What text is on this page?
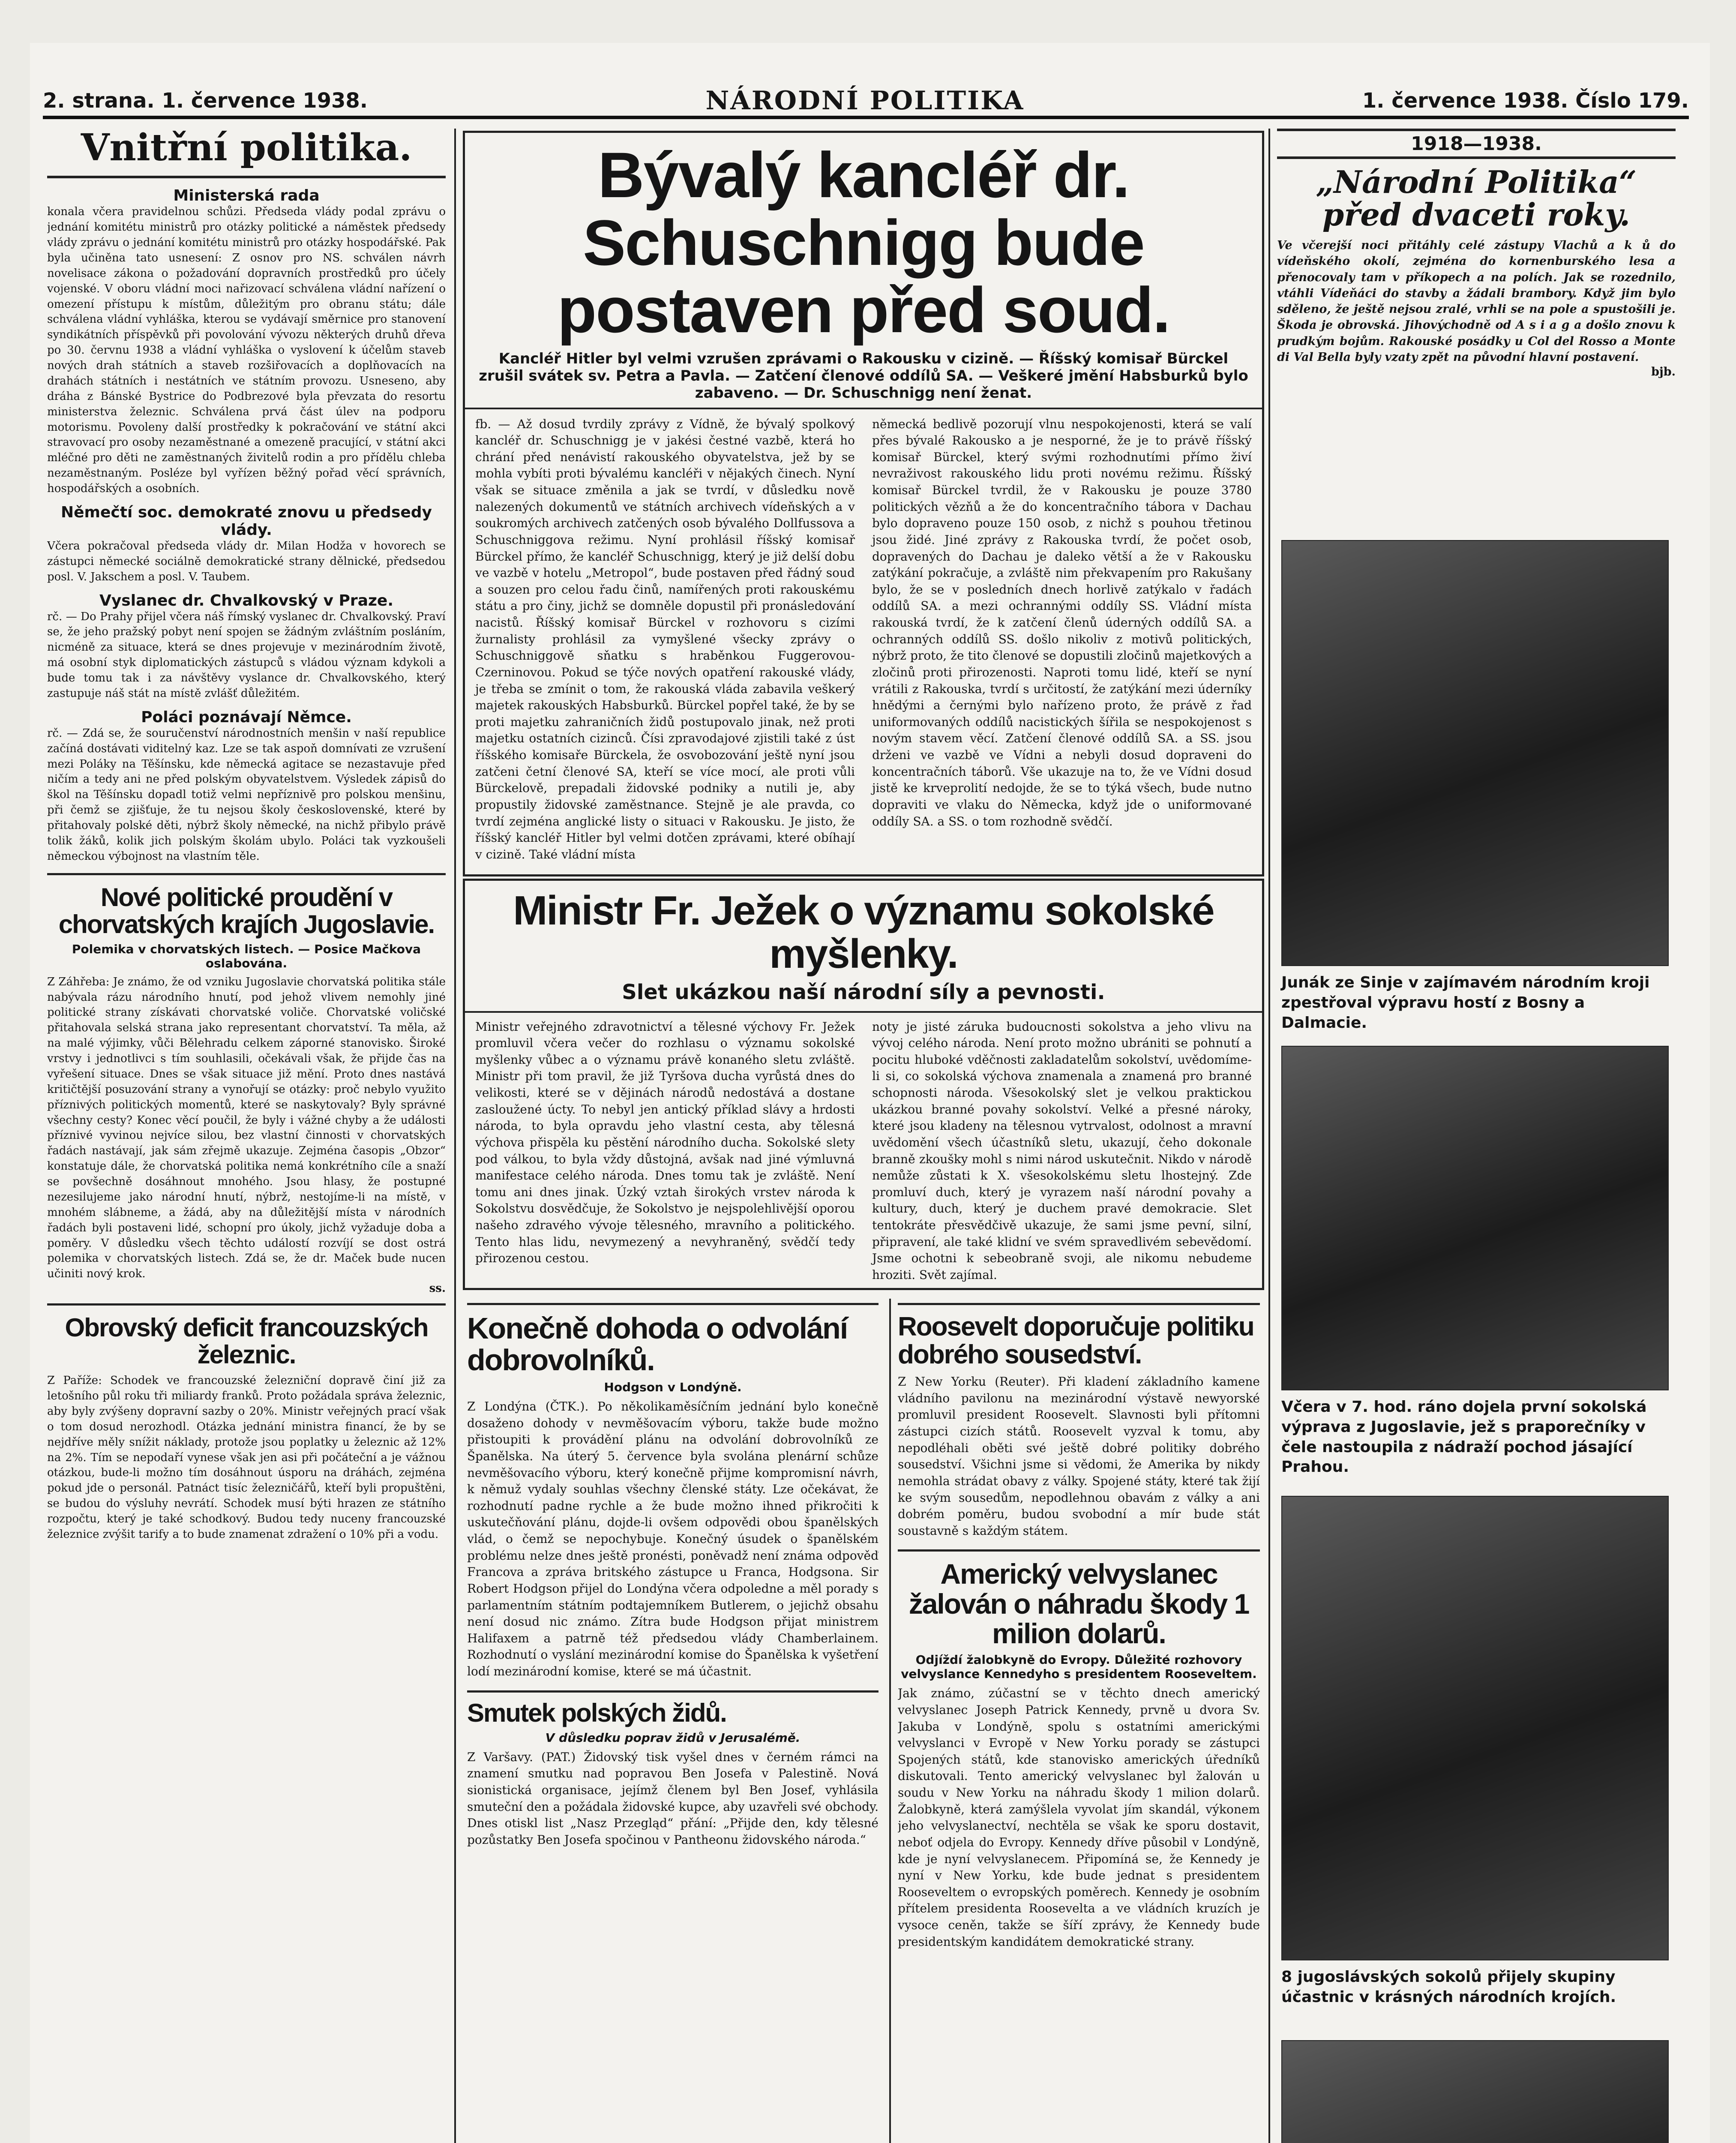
2. strana. 1. července 1938.	NÁRODNÍ POLITIKA	1. července 1938. Číslo 179.
Vnitřní politika.
Ministerská rada
konala včera pravidelnou schůzi. Předseda vlády podal zprávu o jednání komitétu ministrů pro otázky politické a náměstek předsedy vlády zprávu o jednání komitétu ministrů pro otázky hospodářské. Pak byla učiněna tato usnesení: Z osnov pro NS. schválen návrh novelisace zákona o požadování dopravních prostředků pro účely vojenské. V oboru vládní moci nařizovací schválena vládní nařízení o omezení přístupu k místům, důležitým pro obranu státu; dále schválena vládní vyhláška, kterou se vydávají směrnice pro stanovení syndikátních příspěvků při povolování vývozu některých druhů dřeva po 30. červnu 1938 a vládní vyhláška o vyslovení k účelům staveb nových drah státních a staveb rozšiřovacích a doplňovacích na drahách státních i nestátních ve státním provozu. Usneseno, aby dráha z Bánské Bystrice do Podbrezové byla převzata do resortu ministerstva železnic. Schválena prvá část úlev na podporu motorismu. Povoleny další prostředky k pokračování ve státní akci stravovací pro osoby nezaměstnané a omezeně pracující, v státní akci mléčné pro děti ne zaměstnaných živitelů rodin a pro přídělu chleba nezaměstnaným. Posléze byl vyřízen běžný pořad věcí správních, hospodářských a osobních.
Němečtí soc. demokraté znovu u předsedy vlády.
Včera pokračoval předseda vlády dr. Milan Hodža v hovorech se zástupci německé sociálně demokratické strany dělnické, předsedou posl. V. Jakschem a posl. V. Taubem.
Vyslanec dr. Chvalkovský v Praze.
rč. — Do Prahy přijel včera náš římský vyslanec dr. Chvalkovský. Praví se, že jeho pražský pobyt není spojen se žádným zvláštním posláním, nicméně za situace, která se dnes projevuje v mezinárodním životě, má osobní styk diplomatických zástupců s vládou význam kdykoli a bude tomu tak i za návštěvy vyslance dr. Chvalkovského, který zastupuje náš stát na místě zvlášť důležitém.
Poláci poznávají Němce.
rč. — Zdá se, že souručenství národnostních menšin v naší republice začíná dostávati viditelný kaz. Lze se tak aspoň domnívati ze vzrušení mezi Poláky na Těšínsku, kde německá agitace se nezastavuje před ničím a tedy ani ne před polským obyvatelstvem. Výsledek zápisů do škol na Těšínsku dopadl totiž velmi nepříznivě pro polskou menšinu, při čemž se zjišťuje, že tu nejsou školy československé, které by přitahovaly polské děti, nýbrž školy německé, na nichž přibylo právě tolik žáků, kolik jich polským školám ubylo. Poláci tak vyzkoušeli německou výbojnost na vlastním těle.
Nové politické proudění v chorvatských krajích Jugoslavie.
Polemika v chorvatských listech. — Posice Mačkova oslabována.
Z Záhřeba: Je známo, že od vzniku Jugoslavie chorvatská politika stále nabývala rázu národního hnutí, pod jehož vlivem nemohly jiné politické strany získávati chorvatské voliče. Chorvatské voličské přitahovala selská strana jako representant chorvatství. Ta měla, až na malé výjimky, vůči Bělehradu celkem záporné stanovisko. Široké vrstvy i jednotlivci s tím souhlasili, očekávali však, že přijde čas na vyřešení situace. Dnes se však situace již mění. Proto dnes nastává kritičtější posuzování strany a vynořují se otázky: proč nebylo využito příznivých politických momentů, které se naskytovaly? Byly správné všechny cesty? Konec věcí poučil, že byly i vážné chyby a že události příznivé vyvinou nejvíce silou, bez vlastní činnosti v chorvatských řadách nastávají, jak sám zřejmě ukazuje. Zejména časopis „Obzor“ konstatuje dále, že chorvatská politika nemá konkrétního cíle a snaží se povšechně dosáhnout mnohého. Jsou hlasy, že postupné nezesilujeme jako národní hnutí, nýbrž, nestojíme-li na místě, v mnohém slábneme, a žádá, aby na důležitější místa v národních řadách byli postaveni lidé, schopní pro úkoly, jichž vyžaduje doba a poměry. V důsledku všech těchto událostí rozvíjí se dost ostrá polemika v chorvatských listech. Zdá se, že dr. Maček bude nucen učiniti nový krok.
ss.
Obrovský deficit francouzských železnic.
Z Paříže: Schodek ve francouzské železniční dopravě činí již za letošního půl roku tři miliardy franků. Proto požádala správa železnic, aby byly zvýšeny dopravní sazby o 20%. Ministr veřejných prací však o tom dosud nerozhodl. Otázka jednání ministra financí, že by se nejdříve měly snížit náklady, protože jsou poplatky u železnic až 12% na 2%. Tím se nepodaří vynese však jen asi při počáteční a je vážnou otázkou, bude-li možno tím dosáhnout úsporu na dráhách, zejména pokud jde o personál. Patnáct tisíc železničářů, kteří byli propuštěni, se budou do výsluhy nevrátí. Schodek musí býti hrazen ze státního rozpočtu, který je také schodkový. Budou tedy nuceny francouzské železnice zvýšit tarify a to bude znamenat zdražení o 10% při a vodu.
Bývalý kancléř dr. Schuschnigg bude postaven před soud.
Kancléř Hitler byl velmi vzrušen zprávami o Rakousku v cizině. — Říšský komisař Bürckel zrušil svátek sv. Petra a Pavla. — Zatčení členové oddílů SA. — Veškeré jmění Habsburků bylo zabaveno. — Dr. Schuschnigg není ženat.
fb. — Až dosud tvrdily zprávy z Vídně, že bývalý spolkový kancléř dr. Schuschnigg je v jakési čestné vazbě, která ho chrání před nenávistí rakouského obyvatelstva, jež by se mohla vybíti proti bývalému kancléři v nějakých činech. Nyní však se situace změnila a jak se tvrdí, v důsledku nově nalezených dokumentů ve státních archivech vídeňských a v soukromých archivech zatčených osob bývalého Dollfussova a Schuschniggova režimu. Nyní prohlásil říšský komisař Bürckel přímo, že kancléř Schuschnigg, který je již delší dobu ve vazbě v hotelu „Metropol“, bude postaven před řádný soud a souzen pro celou řadu činů, namířených proti rakouskému státu a pro činy, jichž se domněle dopustil při pronásledování nacistů. Říšský komisař Bürckel v rozhovoru s cizími žurnalisty prohlásil za vymyšlené všecky zprávy o Schuschniggově sňatku s hraběnkou Fuggerovou-Czerninovou. Pokud se týče nových opatření rakouské vlády, je třeba se zmínit o tom, že rakouská vláda zabavila veškerý majetek rakouských Habsburků. Bürckel popřel také, že by se proti majetku zahraničních židů postupovalo jinak, než proti majetku ostatních cizinců. Čísi zpravodajové zjistili také z úst říšského komisaře Bürckela, že osvobozování ještě nyní jsou zatčeni četní členové SA, kteří se více mocí, ale proti vůli Bürckelově, prepadali židovské podniky a nutili je, aby propustily židovské zaměstnance. Stejně je ale pravda, co tvrdí zejména anglické listy o situaci v Rakousku. Je jisto, že říšský kancléř Hitler byl velmi dotčen zprávami, které obíhají v cizině. Také vládní místa
německá bedlivě pozorují vlnu nespokojenosti, která se valí přes bývalé Rakousko a je nesporné, že je to právě říšský komisař Bürckel, který svými rozhodnutími přímo živí nevraživost rakouského lidu proti novému režimu. Říšský komisař Bürckel tvrdil, že v Rakousku je pouze 3780 politických vězňů a že do koncentračního tábora v Dachau bylo dopraveno pouze 150 osob, z nichž s pouhou třetinou jsou židé. Jiné zprávy z Rakouska tvrdí, že počet osob, dopravených do Dachau je daleko větší a že v Rakousku zatýkání pokračuje, a zvláště nim překvapením pro Rakušany bylo, že se v posledních dnech horlivě zatýkalo v řadách oddílů SA. a mezi ochrannými oddíly SS. Vládní místa rakouská tvrdí, že k zatčení členů úderných oddílů SA. a ochranných oddílů SS. došlo nikoliv z motivů politických, nýbrž proto, že tito členové se dopustili zločinů majetkových a zločinů proti přirozenosti. Naproti tomu lidé, kteří se nyní vrátili z Rakouska, tvrdí s určitostí, že zatýkání mezi úderníky hnědými a černými bylo nařízeno proto, že právě z řad uniformovaných oddílů nacistických šířila se nespokojenost s novým stavem věcí. Zatčení členové oddílů SA. a SS. jsou drženi ve vazbě ve Vídni a nebyli dosud dopraveni do koncentračních táborů. Vše ukazuje na to, že ve Vídni dosud jistě ke krveprolití nedojde, že se to týká všech, bude nutno dopraviti ve vlaku do Německa, když jde o uniformované oddíly SA. a SS. o tom rozhodně svědčí.
Ministr Fr. Ježek o významu sokolské myšlenky.
Slet ukázkou naší národní síly a pevnosti.
Ministr veřejného zdravotnictví a tělesné výchovy Fr. Ježek promluvil včera večer do rozhlasu o významu sokolské myšlenky vůbec a o významu právě konaného sletu zvláště. Ministr při tom pravil, že již Tyršova ducha vyrůstá dnes do velikosti, které se v dějinách národů nedostává a dostane zasloužené úcty. To nebyl jen antický příklad slávy a hrdosti národa, to byla opravdu jeho vlastní cesta, aby tělesná výchova přispěla ku pěstění národního ducha. Sokolské slety pod válkou, to byla vždy důstojná, avšak nad jiné výmluvná manifestace celého národa. Dnes tomu tak je zvláště. Není tomu ani dnes jinak. Úzký vztah širokých vrstev národa k Sokolstvu dosvědčuje, že Sokolstvo je nejspolehlivější oporou našeho zdravého vývoje tělesného, mravního a politického. Tento hlas lidu, nevymezený a nevyhraněný, svědčí tedy přirozenou cestou.
noty je jisté záruka budoucnosti sokolstva a jeho vlivu na vývoj celého národa. Není proto možno ubrániti se pohnutí a pocitu hluboké vděčnosti zakladatelům sokolství, uvědomíme-li si, co sokolská výchova znamenala a znamená pro branné schopnosti národa. Všesokolský slet je velkou praktickou ukázkou branné povahy sokolství. Velké a přesné nároky, které jsou kladeny na tělesnou vytrvalost, odolnost a mravní uvědomění všech účastníků sletu, ukazují, čeho dokonale branně zkoušky mohl s nimi národ uskutečnit. Nikdo v národě nemůže zůstati k X. všesokolskému sletu lhostejný. Zde promluví duch, který je vyrazem naší národní povahy a kultury, duch, který je duchem pravé demokracie. Slet tentokráte přesvědčivě ukazuje, že sami jsme pevní, silní, připravení, ale také klidní ve svém spravedlivém sebevědomí. Jsme ochotni k sebeobraně svoji, ale nikomu nebudeme hroziti. Svět zajímal.
Konečně dohoda o odvolání dobrovolníků.
Hodgson v Londýně.
Z Londýna (ČTK.). Po několikaměsíčním jednání bylo konečně dosaženo dohody v nevměšovacím výboru, takže bude možno přistoupiti k provádění plánu na odvolání dobrovolníků ze Španělska. Na úterý 5. července byla svolána plenární schůze nevměšovacího výboru, který konečně přijme kompromisní návrh, k němuž vydaly souhlas všechny členské státy. Lze očekávat, že rozhodnutí padne rychle a že bude možno ihned přikročiti k uskutečňování plánu, dojde-li ovšem odpovědi obou španělských vlád, o čemž se nepochybuje. Konečný úsudek o španělském problému nelze dnes ještě pronésti, poněvadž není známa odpověď Francova a zpráva britského zástupce u Franca, Hodgsona. Sir Robert Hodgson přijel do Londýna včera odpoledne a měl porady s parlamentním státním podtajemníkem Butlerem, o jejichž obsahu není dosud nic známo. Zítra bude Hodgson přijat ministrem Halifaxem a patrně též předsedou vlády Chamberlainem. Rozhodnutí o vyslání mezinárodní komise do Španělska k vyšetření lodí mezinárodní komise, které se má účastnit.
Smutek polských židů.
V důsledku poprav židů v Jerusalémě.
Z Varšavy. (PAT.) Židovský tisk vyšel dnes v černém rámci na znamení smutku nad popravou Ben Josefa v Palestině. Nová sionistická organisace, jejímž členem byl Ben Josef, vyhlásila smuteční den a požádala židovské kupce, aby uzavřeli své obchody. Dnes otiskl list „Nasz Przegląd“ přání: „Přijde den, kdy tělesné pozůstatky Ben Josefa spočinou v Pantheonu židovského národa.“
Roosevelt doporučuje politiku dobrého sousedství.
Z New Yorku (Reuter). Při kladení základního kamene vládního pavilonu na mezinárodní výstavě newyorské promluvil president Roosevelt. Slavnosti byli přítomni zástupci cizích států. Roosevelt vyzval k tomu, aby nepodléhali oběti své ještě dobré politiky dobrého sousedství. Všichni jsme si vědomi, že Amerika by nikdy nemohla strádat obavy z války. Spojené státy, které tak žijí ke svým sousedům, nepodlehnou obavám z války a ani dobrém poměru, budou svobodní a mír bude stát soustavně s každým státem.
Americký velvyslanec žalován o náhradu škody 1 milion dolarů.
Odjíždí žalobkyně do Evropy. Důležité rozhovory velvyslance Kennedyho s presidentem Rooseveltem.
Jak známo, zúčastní se v těchto dnech americký velvyslanec Joseph Patrick Kennedy, prvně u dvora Sv. Jakuba v Londýně, spolu s ostatními americkými velvyslanci v Evropě v New Yorku porady se zástupci Spojených států, kde stanovisko amerických úředníků diskutovali. Tento americký velvyslanec byl žalován u soudu v New Yorku na náhradu škody 1 milion dolarů. Žalobkyně, která zamýšlela vyvolat jím skandál, výkonem jeho velvyslanectví, nechtěla se však ke sporu dostavit, neboť odjela do Evropy. Kennedy dříve působil v Londýně, kde je nyní velvyslanecem. Připomíná se, že Kennedy je nyní v New Yorku, kde bude jednat s presidentem Rooseveltem o evropských poměrech. Kennedy je osobním přítelem presidenta Roosevelta a ve vládních kruzích je vysoce ceněn, takže se šíří zprávy, že Kennedy bude presidentským kandidátem demokratické strany.
1918—1938.
„Národní Politika“ před dvaceti roky.
Ve včerejší noci přitáhly celé zástupy Vlachů a k ů do vídeňského okolí, zejména do kornenburského lesa a přenocovaly tam v příkopech a na polích. Jak se rozednilo, vtáhli Vídeňáci do stavby a žádali brambory. Když jim bylo sděleno, že ještě nejsou zralé, vrhli se na pole a spustošili je. Škoda je obrovská. Jihovýchodně od A s i a g a došlo znovu k prudkým bojům. Rakouské posádky u Col del Rosso a Monte di Val Bella byly vzaty zpět na původní hlavní postavení.
bjb.
Junák ze Sinje v zajímavém národním kroji zpestřoval výpravu hostí z Bosny a Dalmacie.
Včera v 7. hod. ráno dojela první sokolská výprava z Jugoslavie, jež s praporečníky v čele nastoupila z nádraží pochod jásající Prahou.
8 jugoslávských sokolů přijely skupiny účastnic v krásných národních krojích.
